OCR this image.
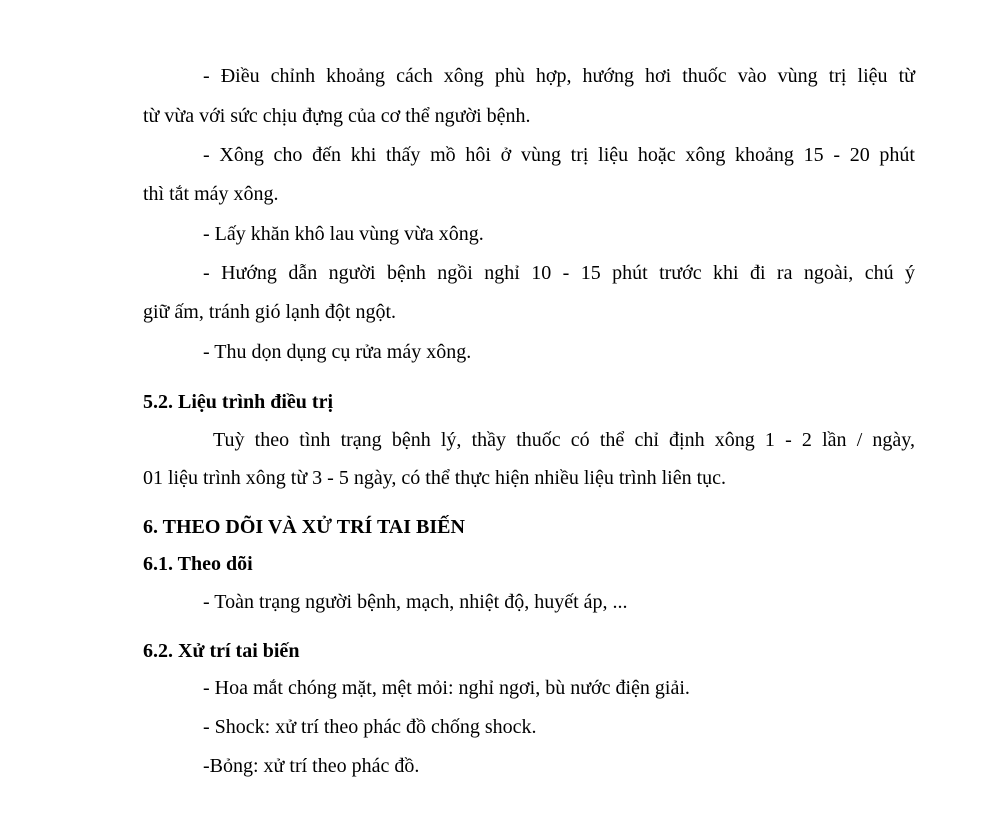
- Điều chỉnh khoảng cách xông phù hợp, hướng hơi thuốc vào vùng trị liệu từ
từ vừa với sức chịu đựng của cơ thể người bệnh.
- Xông cho đến khi thấy mồ hôi ở vùng trị liệu hoặc xông khoảng 15 - 20 phút
thì tắt máy xông.
- Lấy khăn khô lau vùng vừa xông.
- Hướng dẫn người bệnh ngồi nghỉ 10 - 15 phút trước khi đi ra ngoài, chú ý
giữ ấm, tránh gió lạnh đột ngột.
- Thu dọn dụng cụ rửa máy xông.
5.2. Liệu trình điều trị
Tuỳ theo tình trạng bệnh lý, thầy thuốc có thể chỉ định xông 1 - 2 lần / ngày,
01 liệu trình xông từ 3 - 5 ngày, có thể thực hiện nhiều liệu trình liên tục.
6. THEO DÕI VÀ XỬ TRÍ TAI BIẾN
6.1. Theo dõi
- Toàn trạng người bệnh, mạch, nhiệt độ, huyết áp, ...
6.2. Xử trí tai biến
- Hoa mắt chóng mặt, mệt mỏi: nghỉ ngơi, bù nước điện giải.
- Shock: xử trí theo phác đồ chống shock.
-Bỏng: xử trí theo phác đồ.
